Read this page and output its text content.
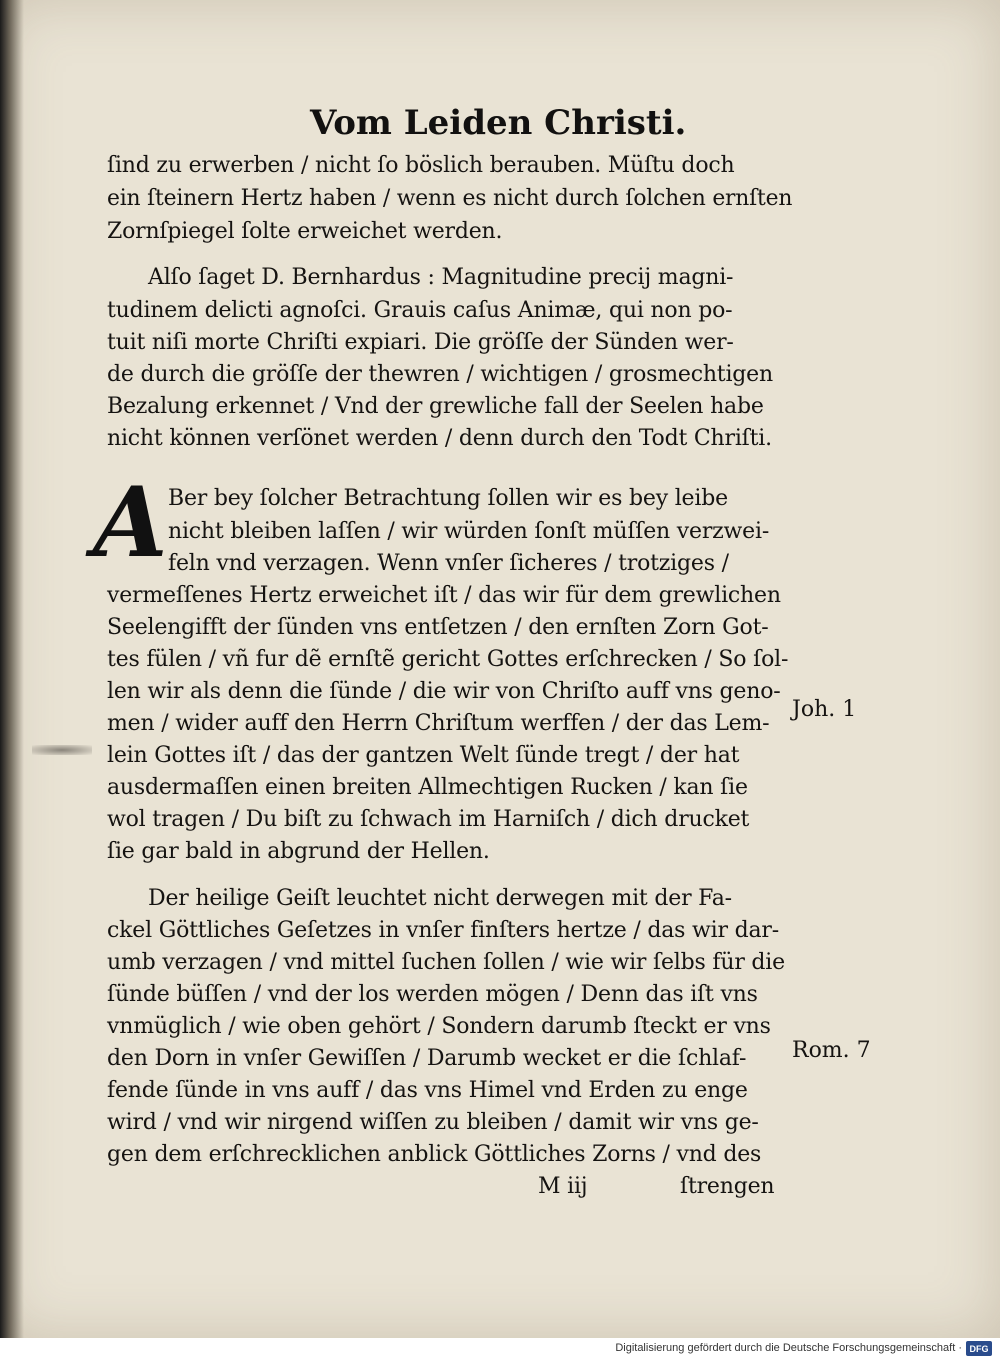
Vom Leiden Christi.
ſind zu erwerben / nicht ſo böslich berauben. Müſtu doch
ein ſteinern Hertz haben / wenn es nicht durch ſolchen ernſten
Zornſpiegel ſolte erweichet werden.
Alſo ſaget D. Bernhardus : Magnitudine precij magni-
tudinem delicti agnoſci. Grauis caſus Animæ, qui non po-
tuit niſi morte Chriſti expiari. Die gröſſe der Sünden wer-
de durch die gröſſe der thewren / wichtigen / grosmechtigen
Bezalung erkennet / Vnd der grewliche fall der Seelen habe
nicht können verſönet werden / denn durch den Todt Chriſti.
A Ber bey ſolcher Betrachtung ſollen wir es bey leibe
nicht bleiben laſſen / wir würden ſonſt müſſen verzwei-
feln vnd verzagen. Wenn vnſer ſicheres / trotziges /
vermeſſenes Hertz erweichet iſt / das wir für dem grewlichen
Seelengifft der ſünden vns entſetzen / den ernſten Zorn Got-
tes fülen / vñ fur dẽ ernſtẽ gericht Gottes erſchrecken / So ſol-
len wir als denn die ſünde / die wir von Chriſto auff vns geno-
men / wider auff den Herrn Chriſtum werffen / der das Lem-
lein Gottes iſt / das der gantzen Welt ſünde tregt / der hat
ausdermaſſen einen breiten Allmechtigen Rucken / kan ſie
wol tragen / Du biſt zu ſchwach im Harniſch / dich drucket
ſie gar bald in abgrund der Hellen.
Joh. 1
Der heilige Geiſt leuchtet nicht derwegen mit der Fa-
ckel Göttliches Geſetzes in vnſer finſters hertze / das wir dar-
umb verzagen / vnd mittel ſuchen ſollen / wie wir ſelbs für die
ſünde büſſen / vnd der los werden mögen / Denn das iſt vns
vnmüglich / wie oben gehört / Sondern darumb ſteckt er vns
den Dorn in vnſer Gewiſſen / Darumb wecket er die ſchlaf-
fende ſünde in vns auff / das vns Himel vnd Erden zu enge
wird / vnd wir nirgend wiſſen zu bleiben / damit wir vns ge-
gen dem erſchrecklichen anblick Göttliches Zorns / vnd des
Rom. 7
M iij	ſtrengen
Digitalisierung gefördert durch die Deutsche Forschungsgemeinschaft · DFG
